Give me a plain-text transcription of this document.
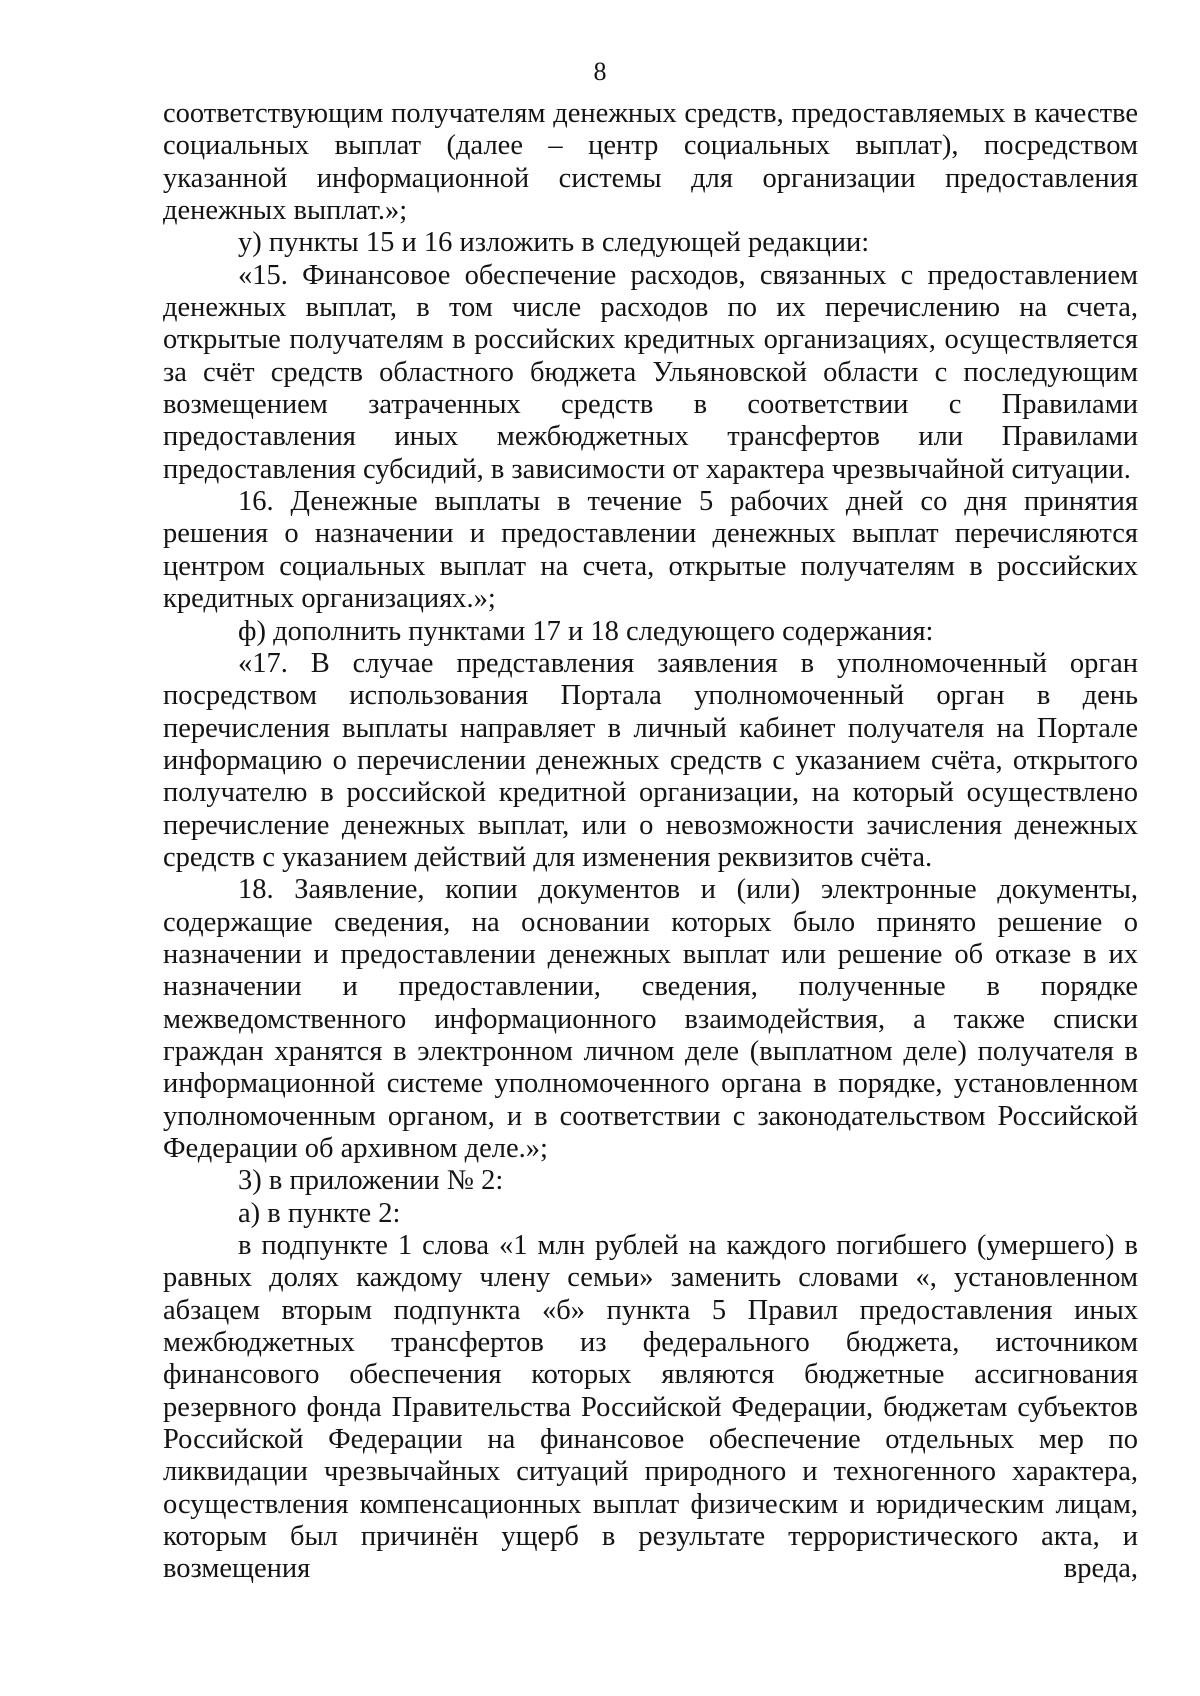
8

соответствующим получателям денежных средств, предоставляемых в качестве социальных выплат (далее – центр социальных выплат), посредством указанной информационной системы для организации предоставления денежных выплат.»;

у) пункты 15 и 16 изложить в следующей редакции:

«15. Финансовое обеспечение расходов, связанных с предоставлением денежных выплат, в том числе расходов по их перечислению на счета, открытые получателям в российских кредитных организациях, осуществляется за счёт средств областного бюджета Ульяновской области с последующим возмещением затраченных средств в соответствии с Правилами предоставления иных межбюджетных трансфертов или Правилами предоставления субсидий, в зависимости от характера чрезвычайной ситуации.

16. Денежные выплаты в течение 5 рабочих дней со дня принятия решения о назначении и предоставлении денежных выплат перечисляются центром социальных выплат на счета, открытые получателям в российских кредитных организациях.»;

ф) дополнить пунктами 17 и 18 следующего содержания:

«17. В случае представления заявления в уполномоченный орган посредством использования Портала уполномоченный орган в день перечисления выплаты направляет в личный кабинет получателя на Портале информацию о перечислении денежных средств с указанием счёта, открытого получателю в российской кредитной организации, на который осуществлено перечисление денежных выплат, или о невозможности зачисления денежных средств с указанием действий для изменения реквизитов счёта.

18. Заявление, копии документов и (или) электронные документы, содержащие сведения, на основании которых было принято решение о назначении и предоставлении денежных выплат или решение об отказе в их назначении и предоставлении, сведения, полученные в порядке межведомственного информационного взаимодействия, а также списки граждан хранятся в электронном личном деле (выплатном деле) получателя в информационной системе уполномоченного органа в порядке, установленном уполномоченным органом, и в соответствии с законодательством Российской Федерации об архивном деле.»;

3) в приложении № 2:

а) в пункте 2:

в подпункте 1 слова «1 млн рублей на каждого погибшего (умершего) в равных долях каждому члену семьи» заменить словами «, установленном абзацем вторым подпункта «б» пункта 5 Правил предоставления иных межбюджетных трансфертов из федерального бюджета, источником финансового обеспечения которых являются бюджетные ассигнования резервного фонда Правительства Российской Федерации, бюджетам субъектов Российской Федерации на финансовое обеспечение отдельных мер по ликвидации чрезвычайных ситуаций природного и техногенного характера, осуществления компенсационных выплат физическим и юридическим лицам, которым был причинён ущерб в результате террористического акта, и возмещения вреда,
